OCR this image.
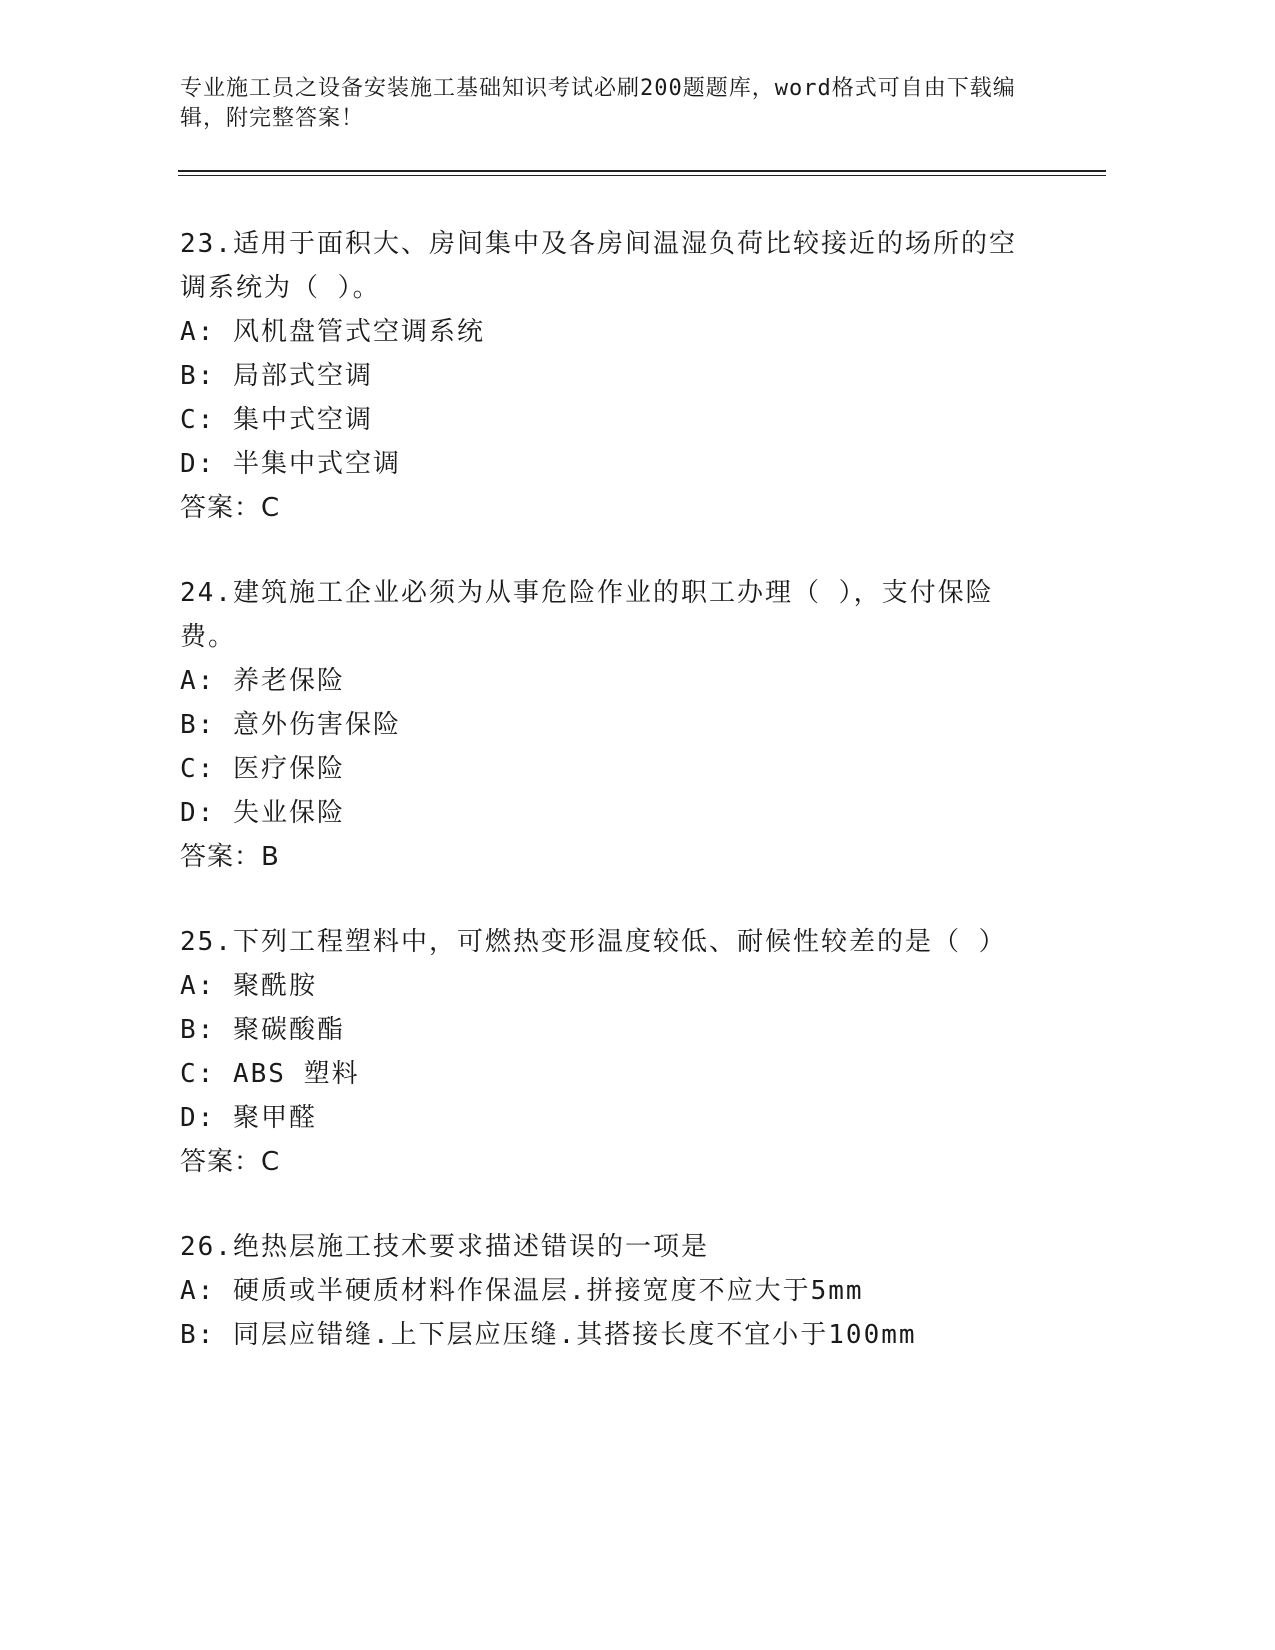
专业施工员之设备安装施工基础知识考试必刷200题题库，word格式可自由下载编辑，附完整答案！
23.适用于面积大、房间集中及各房间温湿负荷比较接近的场所的空调系统为（ ）。
A: 风机盘管式空调系统
B: 局部式空调
C: 集中式空调
D: 半集中式空调
答案：C
24.建筑施工企业必须为从事危险作业的职工办理（ ），支付保险费。
A: 养老保险
B: 意外伤害保险
C: 医疗保险
D: 失业保险
答案：B
25.下列工程塑料中，可燃热变形温度较低、耐候性较差的是（ ）
A: 聚酰胺
B: 聚碳酸酯
C: ABS 塑料
D: 聚甲醛
答案：C
26.绝热层施工技术要求描述错误的一项是
A: 硬质或半硬质材料作保温层.拼接宽度不应大于5mm
B: 同层应错缝.上下层应压缝.其搭接长度不宜小于100mm
